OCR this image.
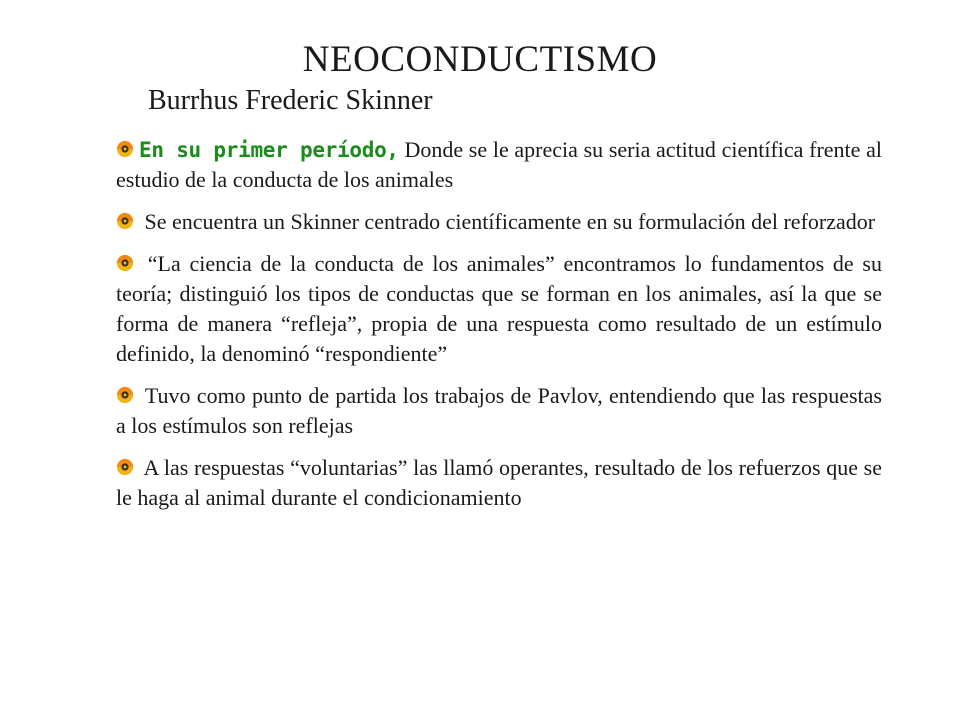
NEOCONDUCTISMO
Burrhus Frederic Skinner

En su primer período, Donde se le aprecia su seria actitud científica frente al estudio de la conducta de los animales

Se encuentra un Skinner centrado científicamente en su formulación del reforzador

“La ciencia de la conducta de los animales” encontramos lo fundamentos de su teoría; distinguió los tipos de conductas que se forman en los animales, así la que se forma de manera “refleja”, propia de una respuesta como resultado de un estímulo definido, la denominó “respondiente”

Tuvo como punto de partida los trabajos de Pavlov, entendiendo que las respuestas a los estímulos son reflejas

A las respuestas “voluntarias” las llamó operantes, resultado de los refuerzos que se le haga al animal durante el condicionamiento
